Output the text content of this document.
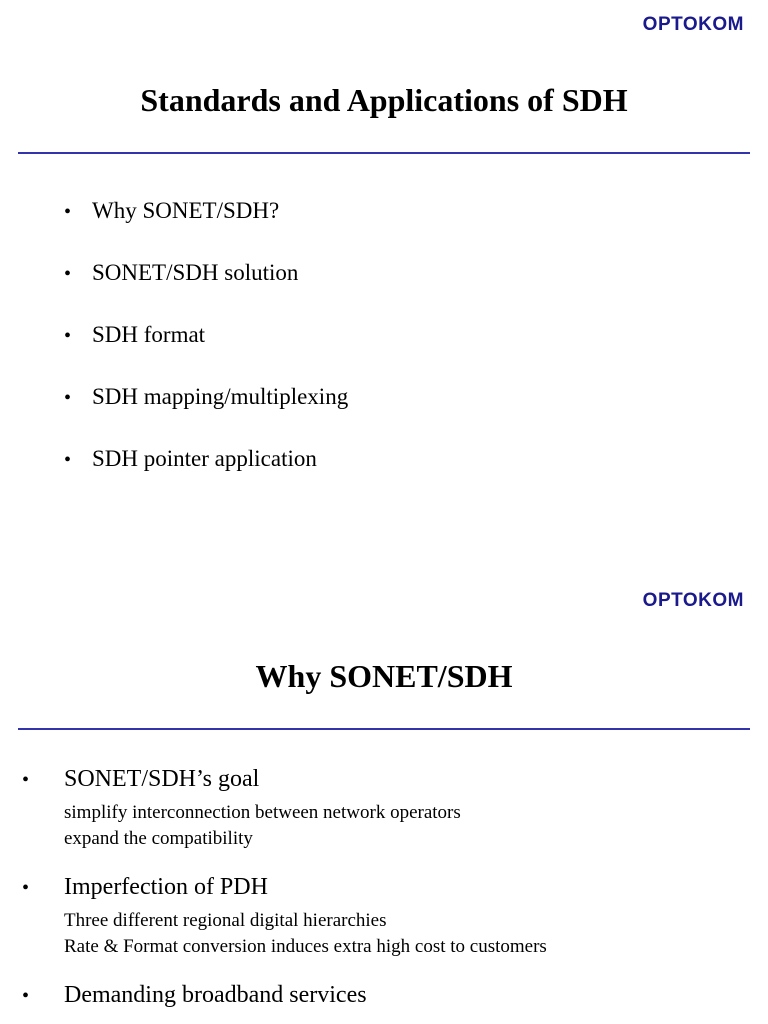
OPTOKOM
Standards and Applications of SDH
• Why SONET/SDH?
• SONET/SDH solution
• SDH format
• SDH mapping/multiplexing
• SDH pointer application
OPTOKOM
Why SONET/SDH
•	SONET/SDH’s goal
simplify interconnection between network operators
expand the compatibility
•	Imperfection of PDH
Three different regional digital hierarchies
Rate & Format conversion induces extra high cost to customers
•	Demanding broadband services
